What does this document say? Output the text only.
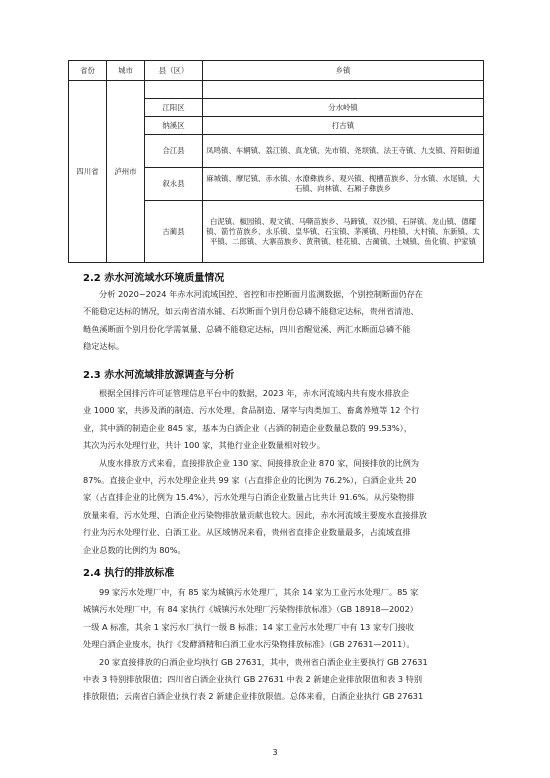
省份	城市	县（区）	乡镇
四川省	泸州市		
		江阳区	分水岭镇
		纳溪区	打古镇
		合江县	凤鸣镇、车辋镇、荔江镇、真龙镇、先市镇、尧坝镇、法王寺镇、九支镇、符阳街道
		叙永县	麻城镇、摩尼镇、赤水镇、水潦彝族乡、观兴镇、枧槽苗族乡、分水镇、水尾镇、大石镇、向林镇、石厢子彝族乡
		古蔺县	白泥镇、椒园镇、观文镇、马嘶苗族乡、马蹄镇、双沙镇、石屏镇、龙山镇、德耀镇、箭竹苗族乡、永乐镇、皇华镇、石宝镇、茅溪镇、丹桂镇、大村镇、东新镇、太平镇、二郎镇、大寨苗族乡、黄荆镇、桂花镇、古蔺镇、土城镇、鱼化镇、护家镇
2.2 赤水河流域水环境质量情况
分析 2020~2024 年赤水河流域国控、省控和市控断面月监测数据，个别控制断面仍存在
不能稳定达标的情况，如云南省清水铺、石坎断面个别月份总磷不能稳定达标，贵州省清池、
鲢鱼溪断面个别月份化学需氧量、总磷不能稳定达标，四川省醒觉溪、两汇水断面总磷不能
稳定达标。
2.3 赤水河流域排放源调查与分析
根据全国排污许可证管理信息平台中的数据，2023 年，赤水河流域内共有废水排放企
业 1000 家，共涉及酒的制造、污水处理、食品制造、屠宰与肉类加工、畜禽养殖等 12 个行
业，其中酒的制造企业 845 家，基本为白酒企业（占酒的制造企业数量总数的 99.53%），
其次为污水处理行业，共计 100 家，其他行业企业数量相对较少。
从废水排放方式来看，直接排放企业 130 家、间接排放企业 870 家，间接排放的比例为
87%。直接企业中，污水处理企业共 99 家（占直排企业的比例为 76.2%），白酒企业共 20
家（占直排企业的比例为 15.4%），污水处理与白酒企业数量占比共计 91.6%。从污染物排
放量来看，污水处理、白酒企业污染物排放量贡献也较大。因此，赤水河流域主要废水直接排放
行业为污水处理行业、白酒工业。从区域情况来看，贵州省直排企业数量最多，占流域直排
企业总数的比例约为 80%。
2.4 执行的排放标准
99 家污水处理厂中，有 85 家为城镇污水处理厂，其余 14 家为工业污水处理厂。85 家
城镇污水处理厂中，有 84 家执行《城镇污水处理厂污染物排放标准》（GB 18918—2002）
一级 A 标准，其余 1 家污水厂执行一级 B 标准；14 家工业污水处理厂中有 13 家专门接收
处理白酒企业废水，执行《发酵酒精和白酒工业水污染物排放标准》（GB 27631—2011）。
20 家直接排放的白酒企业均执行 GB 27631，其中，贵州省白酒企业主要执行 GB 27631
中表 3 特别排放限值；四川省白酒企业执行 GB 27631 中表 2 新建企业排放限值和表 3 特别
排放限值；云南省白酒企业执行表 2 新建企业排放限值。总体来看，白酒企业执行 GB 27631
3
